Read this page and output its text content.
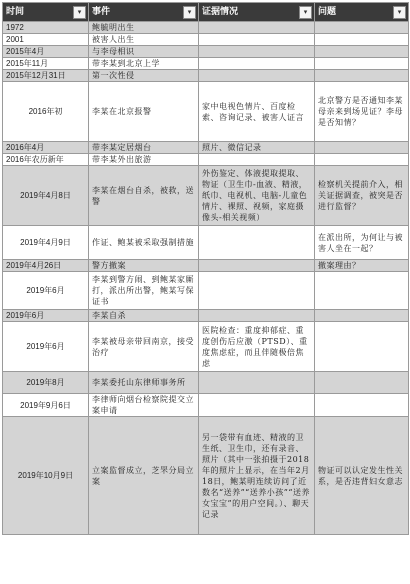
时间 ▾	事件 ▾	证据情况 ▾	问题 ▾

1972	鲍毓明出生		
2001	被害人出生		
2015年4月	与李母相识		
2015年11月	带李某到北京上学		
2015年12月31日	第一次性侵		
2016年初	李某在北京报警	家中电视色情片、百度检索、咨询记录、被害人证言	北京警方是否通知李某母亲来到场见证？李母是否知情？
2016年4月	带李某定居烟台	照片、微信记录	
2016年农历新年	带李某外出旅游		
2019年4月8日	李某在烟台自杀，被救，送警	外伤鉴定、体液提取提取、物证（卫生巾-血液、精液，纸巾、电视机、电脑-儿童色情片、裸照、视频，家庭摄像头-相关视频）	检察机关提前介入，相关证据调查，被突是否进行监督？
2019年4月9日	作证、鲍某被采取强制措施		在派出所，为何让与被害人坐在一起？
2019年4月26日	警方撤案		撤案理由？
2019年6月	李某到警方闹、到鲍某家厮打，派出所出警，鲍某写保证书		
2019年6月	李某自杀		
2019年6月	李某被母亲带回南京，接受治疗	医院检查：重度抑郁症、重度创伤后应激（PTSD）、重度焦虑症，而且伴随极倍焦虑	
2019年8月	李某委托山东律师事务所		
2019年9月6日	李律师向烟台检察院提交立案申请		
2019年10月9日	立案监督成立，芝罘分局立案	另一袋带有血迹、精液的卫生纸、卫生巾，还有录音、照片（其中一张拍摄于2018年的照片上显示，在当年2月18日，鲍某明连续访问了近数名“送养”“送养小孩”“送养女宝宝”的用户空间。）、聊天记录	物证可以认定发生性关系，是否违背妇女意志
